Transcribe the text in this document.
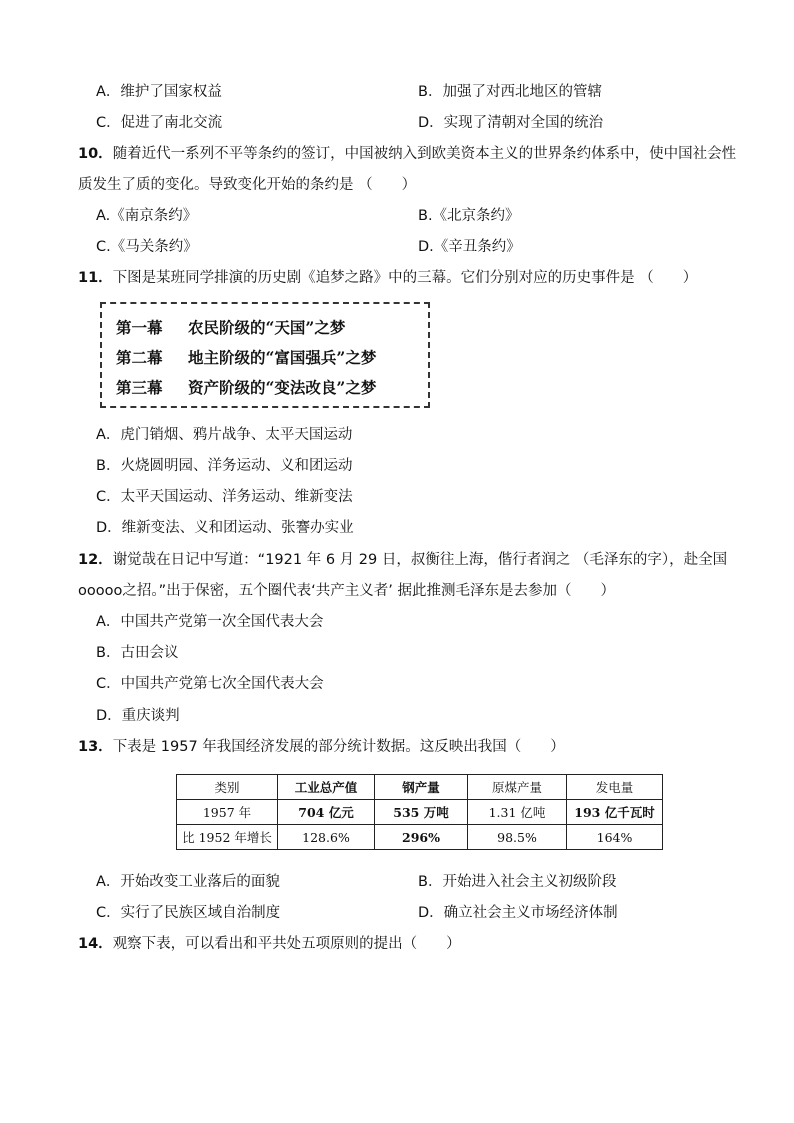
A．维护了国家权益	B．加强了对西北地区的管辖
C．促进了南北交流	D．实现了清朝对全国的统治
10．随着近代一系列不平等条约的签订，中国被纳入到欧美资本主义的世界条约体系中，使中国社会性
质发生了质的变化。导致变化开始的条约是 （　　）
A.《南京条约》	B.《北京条约》
C.《马关条约》	D.《辛丑条约》
11．下图是某班同学排演的历史剧《追梦之路》中的三幕。它们分别对应的历史事件是 （　　）
第一幕 农民阶级的“天国”之梦
第二幕 地主阶级的“富国强兵”之梦
第三幕 资产阶级的“变法改良”之梦
A．虎门销烟、鸦片战争、太平天国运动
B．火烧圆明园、洋务运动、义和团运动
C．太平天国运动、洋务运动、维新变法
D．维新变法、义和团运动、张謇办实业
12．谢觉哉在日记中写道：“1921 年 6 月 29 日，叔衡往上海，偕行者润之 （毛泽东的字），赴全国
ooooo之招。”出于保密，五个圈代表‘共产主义者’ 据此推测毛泽东是去参加（　　）
A．中国共产党第一次全国代表大会
B．古田会议
C．中国共产党第七次全国代表大会
D．重庆谈判
13．下表是 1957 年我国经济发展的部分统计数据。这反映出我国（　　）
类别	工业总产值	钢产量	原煤产量	发电量
1957 年	704 亿元	535 万吨	1.31 亿吨	193 亿千瓦时
比 1952 年增长	128.6%	296%	98.5%	164%
A．开始改变工业落后的面貌	B．开始进入社会主义初级阶段
C．实行了民族区域自治制度	D．确立社会主义市场经济体制
14．观察下表，可以看出和平共处五项原则的提出（　　）
